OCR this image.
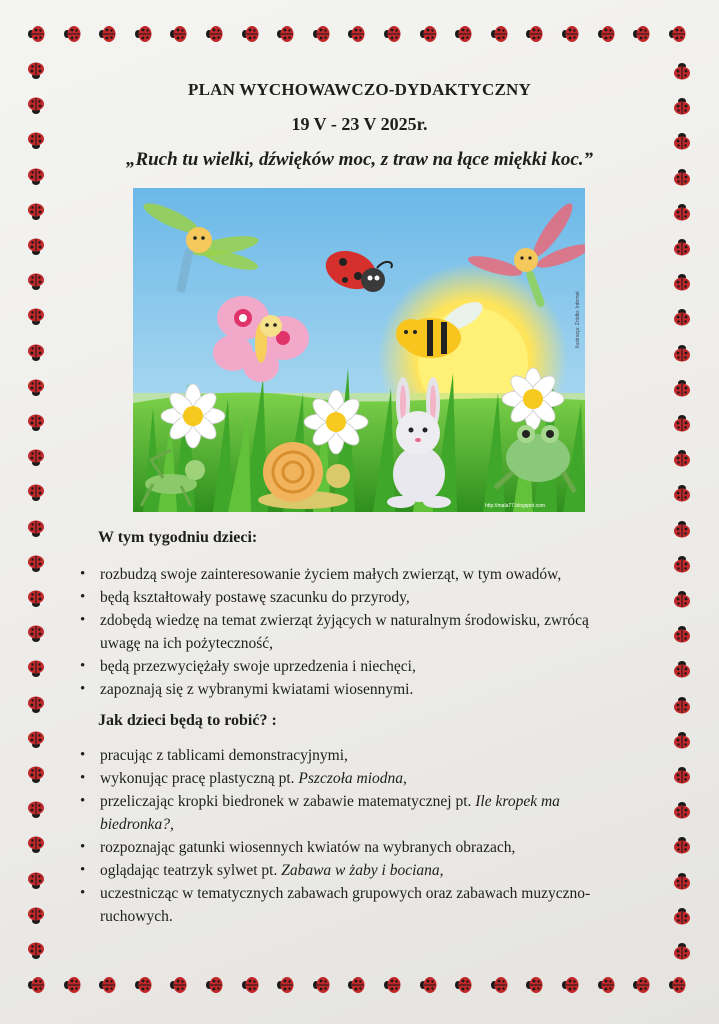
PLAN WYCHOWAWCZO-DYDAKTYCZNY
19 V - 23 V 2025r.
„Ruch tu wielki, dźwięków moc, z traw na łące miękki koc.”
http://mala77.blogspot.com
Ilustracja: Źródło: Internet
W tym tygodniu dzieci:
• rozbudzą swoje zainteresowanie życiem małych zwierząt, w tym owadów,
• będą kształtowały postawę szacunku do przyrody,
• zdobędą wiedzę na temat zwierząt żyjących w naturalnym środowisku, zwrócą uwagę na ich pożyteczność,
• będą przezwyciężały swoje uprzedzenia i niechęci,
• zapoznają się z wybranymi kwiatami wiosennymi.
Jak dzieci będą to robić? :
• pracując z tablicami demonstracyjnymi,
• wykonując pracę plastyczną pt. Pszczoła miodna,
• przeliczając kropki biedronek w zabawie matematycznej pt. Ile kropek ma biedronka?,
• rozpoznając gatunki wiosennych kwiatów na wybranych obrazach,
• oglądając teatrzyk sylwet pt. Zabawa w żaby i bociana,
• uczestnicząc w tematycznych zabawach grupowych oraz zabawach muzyczno-ruchowych.
